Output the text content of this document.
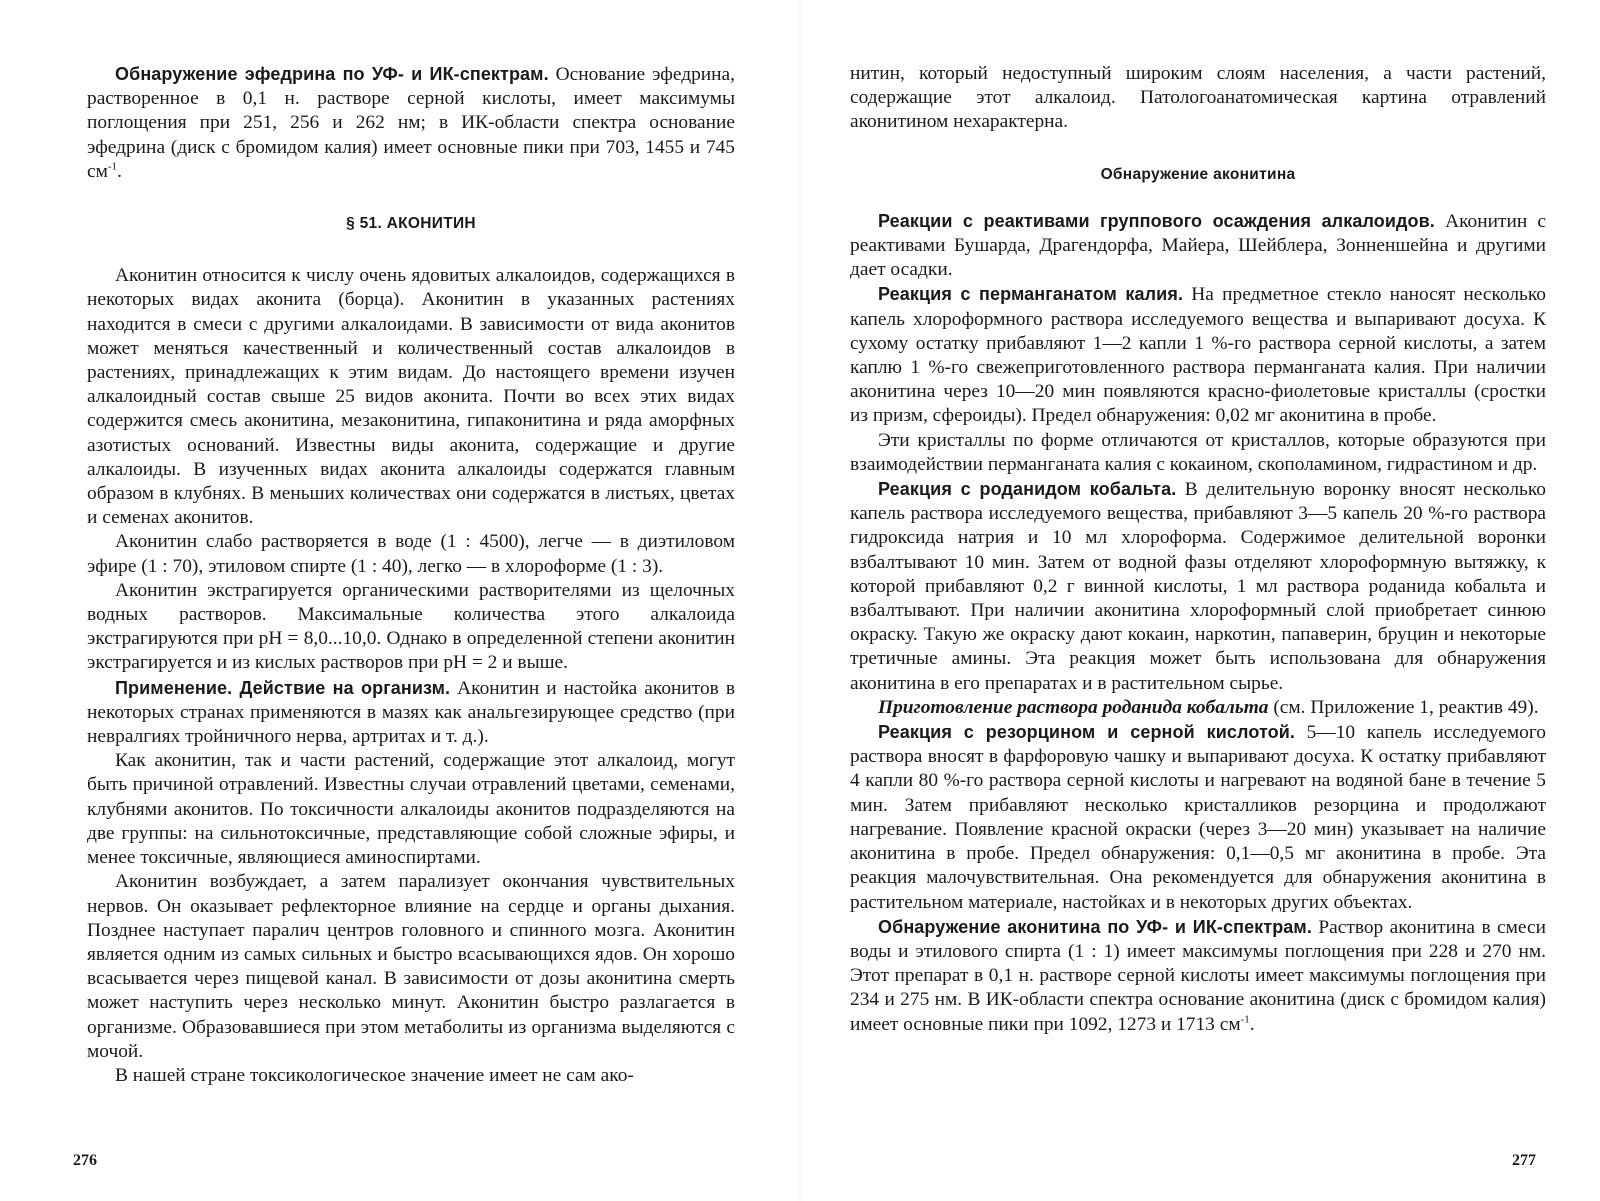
Обнаружение эфедрина по УФ- и ИК-спектрам. Основание эфедрина, растворенное в 0,1 н. растворе серной кислоты, имеет максимумы поглощения при 251, 256 и 262 нм; в ИК-области спектра основание эфедрина (диск с бромидом калия) имеет основные пики при 703, 1455 и 745 $см^{-1}$.

§ 51. АКОНИТИН

Аконитин относится к числу очень ядовитых алкалоидов, содержащихся в некоторых видах аконита (борца). Аконитин в указанных растениях находится в смеси с другими алкалоидами. В зависимости от вида аконитов может меняться качественный и количественный состав алкалоидов в растениях, принадлежащих к этим видам. До настоящего времени изучен алкалоидный состав свыше 25 видов аконита. Почти во всех этих видах содержится смесь аконитина, мезаконитина, гипаконитина и ряда аморфных азотистых оснований. Известны виды аконита, содержащие и другие алкалоиды. В изученных видах аконита алкалоиды содержатся главным образом в клубнях. В меньших количествах они содержатся в листьях, цветах и семенах аконитов.

Аконитин слабо растворяется в воде (1 : 4500), легче — в диэтиловом эфире (1 : 70), этиловом спирте (1 : 40), легко — в хлороформе (1 : 3).

Аконитин экстрагируется органическими растворителями из щелочных водных растворов. Максимальные количества этого алкалоида экстрагируются при pH = 8,0...10,0. Однако в определенной степени аконитин экстрагируется и из кислых растворов при pH = 2 и выше.

Применение. Действие на организм. Аконитин и настойка аконитов в некоторых странах применяются в мазях как анальгезирующее средство (при невралгиях тройничного нерва, артритах и т. д.).

Как аконитин, так и части растений, содержащие этот алкалоид, могут быть причиной отравлений. Известны случаи отравлений цветами, семенами, клубнями аконитов. По токсичности алкалоиды аконитов подразделяются на две группы: на сильнотоксичные, представляющие собой сложные эфиры, и менее токсичные, являющиеся аминоспиртами.

Аконитин возбуждает, а затем парализует окончания чувствительных нервов. Он оказывает рефлекторное влияние на сердце и органы дыхания. Позднее наступает паралич центров головного и спинного мозга. Аконитин является одним из самых сильных и быстро всасывающихся ядов. Он хорошо всасывается через пищевой канал. В зависимости от дозы аконитина смерть может наступить через несколько минут. Аконитин быстро разлагается в организме. Образовавшиеся при этом метаболиты из организма выделяются с мочой.

В нашей стране токсикологическое значение имеет не сам ако-

276

нитин, который недоступный широким слоям населения, а части растений, содержащие этот алкалоид. Патологоанатомическая картина отравлений аконитином нехарактерна.

Обнаружение аконитина

Реакции с реактивами группового осаждения алкалоидов. Аконитин с реактивами Бушарда, Драгендорфа, Майера, Шейблера, Зонненшейна и другими дает осадки.

Реакция с перманганатом калия. На предметное стекло наносят несколько капель хлороформного раствора исследуемого вещества и выпаривают досуха. К сухому остатку прибавляют 1—2 капли 1 %-го раствора серной кислоты, а затем каплю 1 %-го свежеприготовленного раствора перманганата калия. При наличии аконитина через 10—20 мин появляются красно-фиолетовые кристаллы (сростки из призм, сфероиды). Предел обнаружения: 0,02 мг аконитина в пробе.

Эти кристаллы по форме отличаются от кристаллов, которые образуются при взаимодействии перманганата калия с кокаином, скополамином, гидрастином и др.

Реакция с роданидом кобальта. В делительную воронку вносят несколько капель раствора исследуемого вещества, прибавляют 3—5 капель 20 %-го раствора гидроксида натрия и 10 мл хлороформа. Содержимое делительной воронки взбалтывают 10 мин. Затем от водной фазы отделяют хлороформную вытяжку, к которой прибавляют 0,2 г винной кислоты, 1 мл раствора роданида кобальта и взбалтывают. При наличии аконитина хлороформный слой приобретает синюю окраску. Такую же окраску дают кокаин, наркотин, папаверин, бруцин и некоторые третичные амины. Эта реакция может быть использована для обнаружения аконитина в его препаратах и в растительном сырье.

Приготовление раствора роданида кобальта (см. Приложение 1, реактив 49).

Реакция с резорцином и серной кислотой. 5—10 капель исследуемого раствора вносят в фарфоровую чашку и выпаривают досуха. К остатку прибавляют 4 капли 80 %-го раствора серной кислоты и нагревают на водяной бане в течение 5 мин. Затем прибавляют несколько кристалликов резорцина и продолжают нагревание. Появление красной окраски (через 3—20 мин) указывает на наличие аконитина в пробе. Предел обнаружения: 0,1—0,5 мг аконитина в пробе. Эта реакция малочувствительная. Она рекомендуется для обнаружения аконитина в растительном материале, настойках и в некоторых других объектах.

Обнаружение аконитина по УФ- и ИК-спектрам. Раствор аконитина в смеси воды и этилового спирта (1 : 1) имеет максимумы поглощения при 228 и 270 нм. Этот препарат в 0,1 н. растворе серной кислоты имеет максимумы поглощения при 234 и 275 нм. В ИК-области спектра основание аконитина (диск с бромидом калия) имеет основные пики при 1092, 1273 и 1713 $см^{-1}$.

277
